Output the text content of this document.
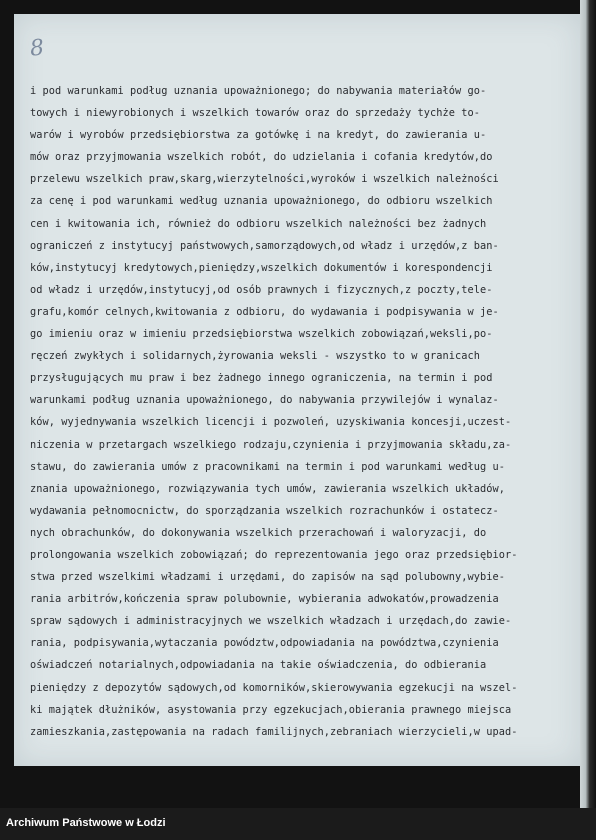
8
i pod warunkami podług uznania upoważnionego; do nabywania materiałów go-
towych i niewyrobionych i wszelkich towarów oraz do sprzedaży tychże to-
warów i wyrobów przedsiębiorstwa za gotówkę i na kredyt, do zawierania u-
mów oraz przyjmowania wszelkich robót, do udzielania i cofania kredytów,do
przelewu wszelkich praw,skarg,wierzytelności,wyroków i wszelkich należności
za cenę i pod warunkami według uznania upoważnionego, do odbioru wszelkich
cen i kwitowania ich, również do odbioru wszelkich należności bez żadnych
ograniczeń z instytucyj państwowych,samorządowych,od władz i urzędów,z ban-
ków,instytucyj kredytowych,pieniędzy,wszelkich dokumentów i korespondencji
od władz i urzędów,instytucyj,od osób prawnych i fizycznych,z poczty,tele-
grafu,komór celnych,kwitowania z odbioru, do wydawania i podpisywania w je-
go imieniu oraz w imieniu przedsiębiorstwa wszelkich zobowiązań,weksli,po-
ręczeń zwykłych i solidarnych,żyrowania weksli - wszystko to w granicach
przysługujących mu praw i bez żadnego innego ograniczenia, na termin i pod
warunkami podług uznania upoważnionego, do nabywania przywilejów i wynalaz-
ków, wyjednywania wszelkich licencji i pozwoleń, uzyskiwania koncesji,uczest-
niczenia w przetargach wszelkiego rodzaju,czynienia i przyjmowania składu,za-
stawu, do zawierania umów z pracownikami na termin i pod warunkami według u-
znania upoważnionego, rozwiązywania tych umów, zawierania wszelkich układów,
wydawania pełnomocnictw, do sporządzania wszelkich rozrachunków i ostatecz-
nych obrachunków, do dokonywania wszelkich przerachowań i waloryzacji, do
prolongowania wszelkich zobowiązań; do reprezentowania jego oraz przedsiębior-
stwa przed wszelkimi władzami i urzędami, do zapisów na sąd polubowny,wybie-
rania arbitrów,kończenia spraw polubownie, wybierania adwokatów,prowadzenia
spraw sądowych i administracyjnych we wszelkich władzach i urzędach,do zawie-
rania, podpisywania,wytaczania powództw,odpowiadania na powództwa,czynienia
oświadczeń notarialnych,odpowiadania na takie oświadczenia, do odbierania
pieniędzy z depozytów sądowych,od komorników,skierowywania egzekucji na wszel-
ki majątek dłużników, asystowania przy egzekucjach,obierania prawnego miejsca
zamieszkania,zastępowania na radach familijnych,zebraniach wierzycieli,w upad-
Archiwum Państwowe w Łodzi
